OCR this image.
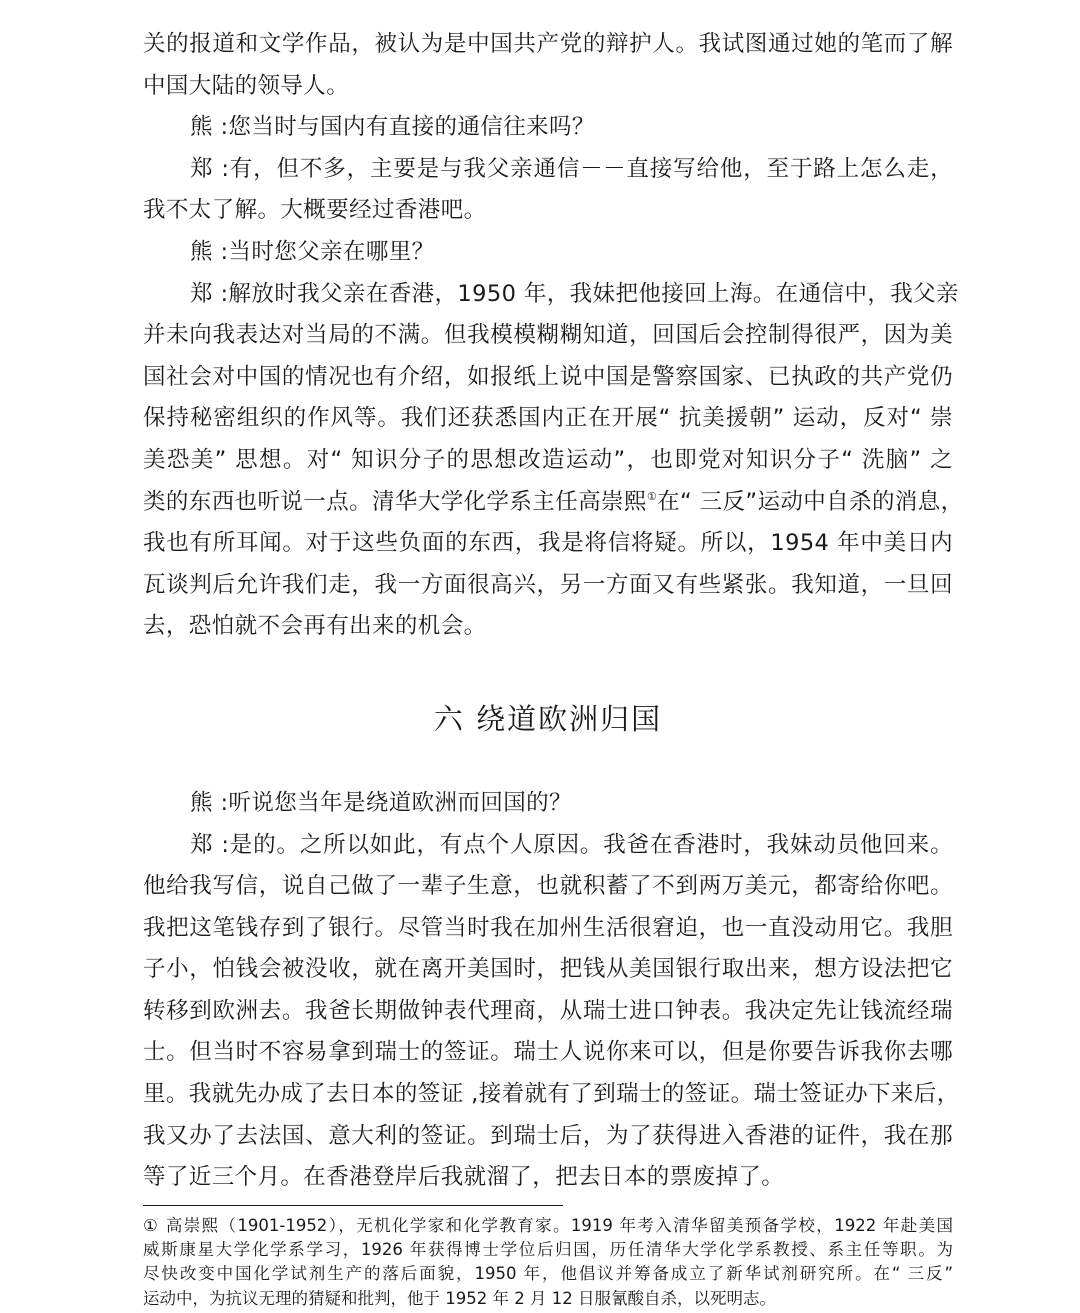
关的报道和文学作品，被认为是中国共产党的辩护人。我试图通过她的笔而了解
中国大陆的领导人。
熊 :您当时与国内有直接的通信往来吗？
郑 :有，但不多，主要是与我父亲通信－－直接写给他，至于路上怎么走，
我不太了解。大概要经过香港吧。
熊 :当时您父亲在哪里？
郑 :解放时我父亲在香港，1950 年，我妹把他接回上海。在通信中，我父亲
并未向我表达对当局的不满。但我模模糊糊知道，回国后会控制得很严，因为美
国社会对中国的情况也有介绍，如报纸上说中国是警察国家、已执政的共产党仍
保持秘密组织的作风等。我们还获悉国内正在开展“ 抗美援朝” 运动，反对“ 崇
美恐美” 思想。对“ 知识分子的思想改造运动”，也即党对知识分子“ 洗脑” 之
类的东西也听说一点。清华大学化学系主任高崇熙①在“ 三反”运动中自杀的消息，
我也有所耳闻。对于这些负面的东西，我是将信将疑。所以，1954 年中美日内
瓦谈判后允许我们走，我一方面很高兴，另一方面又有些紧张。我知道，一旦回
去，恐怕就不会再有出来的机会。
六 绕道欧洲归国
熊 :听说您当年是绕道欧洲而回国的？
郑 :是的。之所以如此，有点个人原因。我爸在香港时，我妹动员他回来。
他给我写信，说自己做了一辈子生意，也就积蓄了不到两万美元，都寄给你吧。
我把这笔钱存到了银行。尽管当时我在加州生活很窘迫，也一直没动用它。我胆
子小，怕钱会被没收，就在离开美国时，把钱从美国银行取出来，想方设法把它
转移到欧洲去。我爸长期做钟表代理商，从瑞士进口钟表。我决定先让钱流经瑞
士。但当时不容易拿到瑞士的签证。瑞士人说你来可以，但是你要告诉我你去哪
里。我就先办成了去日本的签证 ,接着就有了到瑞士的签证。瑞士签证办下来后，
我又办了去法国、意大利的签证。到瑞士后，为了获得进入香港的证件，我在那
等了近三个月。在香港登岸后我就溜了，把去日本的票废掉了。
① 高崇熙（1901-1952），无机化学家和化学教育家。1919 年考入清华留美预备学校，1922 年赴美国
威斯康星大学化学系学习，1926 年获得博士学位后归国，历任清华大学化学系教授、系主任等职。为
尽快改变中国化学试剂生产的落后面貌，1950 年，他倡议并筹备成立了新华试剂研究所。在“ 三反”
运动中，为抗议无理的猜疑和批判，他于 1952 年 2 月 12 日服氰酸自杀，以死明志。
